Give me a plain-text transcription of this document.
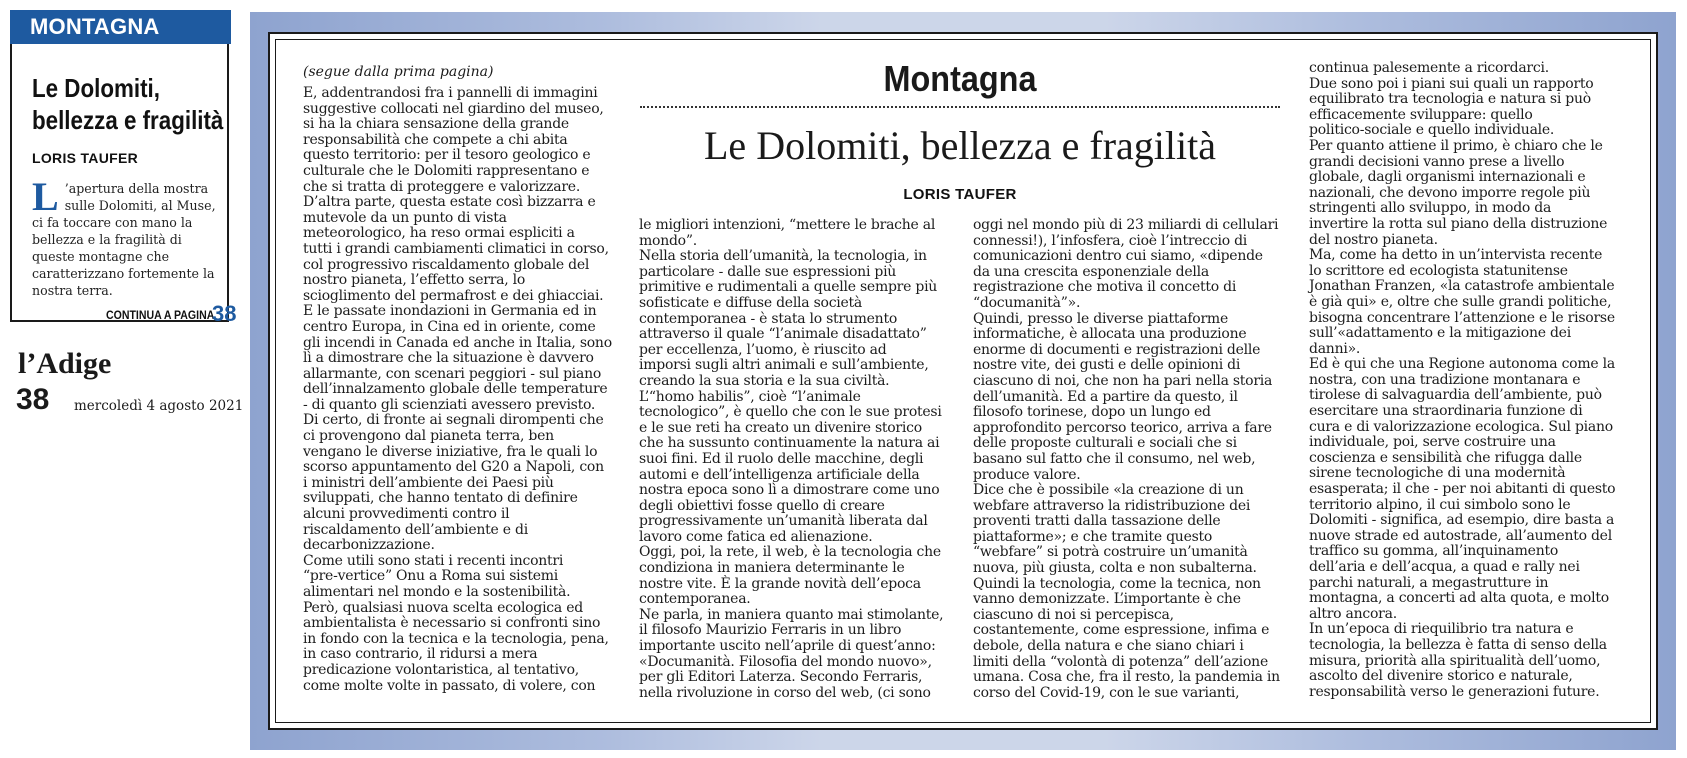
MONTAGNA
Le Dolomiti,
bellezza e fragilità
LORIS TAUFER
L ’apertura della mostra sulle Dolomiti, al Muse, ci fa toccare con mano la bellezza e la fragilità di queste montagne che caratterizzano fortemente la nostra terra.
CONTINUA A PAGINA
38
l’Adige
38 mercoledì 4 agosto 2021
(segue dalla prima pagina)	Montagna
Le Dolomiti, bellezza e fragilità
LORIS TAUFER

E, addentrandosi fra i pannelli di immagini

suggestive collocati nel giardino del museo,

si ha la chiara sensazione della grande

responsabilità che compete a chi abita

questo territorio: per il tesoro geologico e

culturale che le Dolomiti rappresentano e

che si tratta di proteggere e valorizzare.

D’altra parte, questa estate così bizzarra e

mutevole da un punto di vista

meteorologico, ha reso ormai espliciti a

tutti i grandi cambiamenti climatici in corso,

col progressivo riscaldamento globale del

nostro pianeta, l’effetto serra, lo

scioglimento del permafrost e dei ghiacciai.

E le passate inondazioni in Germania ed in

centro Europa, in Cina ed in oriente, come

gli incendi in Canada ed anche in Italia, sono

lì a dimostrare che la situazione è davvero

allarmante, con scenari peggiori - sul piano

dell’innalzamento globale delle temperature

- di quanto gli scienziati avessero previsto.

Di certo, di fronte ai segnali dirompenti che

ci provengono dal pianeta terra, ben

vengano le diverse iniziative, fra le quali lo

scorso appuntamento del G20 a Napoli, con

i ministri dell’ambiente dei Paesi più

sviluppati, che hanno tentato di definire

alcuni provvedimenti contro il

riscaldamento dell’ambiente e di

decarbonizzazione.

Come utili sono stati i recenti incontri

“pre-vertice” Onu a Roma sui sistemi

alimentari nel mondo e la sostenibilità.

Però, qualsiasi nuova scelta ecologica ed

ambientalista è necessario si confronti sino

in fondo con la tecnica e la tecnologia, pena,

in caso contrario, il ridursi a mera

predicazione volontaristica, al tentativo,

come molte volte in passato, di volere, con

le migliori intenzioni, “mettere le brache al

mondo”.

Nella storia dell’umanità, la tecnologia, in

particolare - dalle sue espressioni più

primitive e rudimentali a quelle sempre più

sofisticate e diffuse della società

contemporanea - è stata lo strumento

attraverso il quale “l’animale disadattato”

per eccellenza, l’uomo, è riuscito ad

imporsi sugli altri animali e sull’ambiente,

creando la sua storia e la sua civiltà.

L’“homo habilis”, cioè “l’animale

tecnologico”, è quello che con le sue protesi

e le sue reti ha creato un divenire storico

che ha sussunto continuamente la natura ai

suoi fini. Ed il ruolo delle macchine, degli

automi e dell’intelligenza artificiale della

nostra epoca sono lì a dimostrare come uno

degli obiettivi fosse quello di creare

progressivamente un’umanità liberata dal

lavoro come fatica ed alienazione.

Oggi, poi, la rete, il web, è la tecnologia che

condiziona in maniera determinante le

nostre vite. È la grande novità dell’epoca

contemporanea.

Ne parla, in maniera quanto mai stimolante,

il filosofo Maurizio Ferraris in un libro

importante uscito nell’aprile di quest’anno:

«Documanità. Filosofia del mondo nuovo»,

per gli Editori Laterza. Secondo Ferraris,

nella rivoluzione in corso del web, (ci sono

oggi nel mondo più di 23 miliardi di cellulari

connessi!), l’infosfera, cioè l’intreccio di

comunicazioni dentro cui siamo, «dipende

da una crescita esponenziale della

registrazione che motiva il concetto di

“documanità”».

Quindi, presso le diverse piattaforme

informatiche, è allocata una produzione

enorme di documenti e registrazioni delle

nostre vite, dei gusti e delle opinioni di

ciascuno di noi, che non ha pari nella storia

dell’umanità. Ed a partire da questo, il

filosofo torinese, dopo un lungo ed

approfondito percorso teorico, arriva a fare

delle proposte culturali e sociali che si

basano sul fatto che il consumo, nel web,

produce valore.

Dice che è possibile «la creazione di un

webfare attraverso la ridistribuzione dei

proventi tratti dalla tassazione delle

piattaforme»; e che tramite questo

“webfare” si potrà costruire un’umanità

nuova, più giusta, colta e non subalterna.

Quindi la tecnologia, come la tecnica, non

vanno demonizzate. L’importante è che

ciascuno di noi si percepisca,

costantemente, come espressione, infima e

debole, della natura e che siano chiari i

limiti della “volontà di potenza” dell’azione

umana. Cosa che, fra il resto, la pandemia in

corso del Covid-19, con le sue varianti,

continua palesemente a ricordarci.

Due sono poi i piani sui quali un rapporto

equilibrato tra tecnologia e natura si può

efficacemente sviluppare: quello

politico-sociale e quello individuale.

Per quanto attiene il primo, è chiaro che le

grandi decisioni vanno prese a livello

globale, dagli organismi internazionali e

nazionali, che devono imporre regole più

stringenti allo sviluppo, in modo da

invertire la rotta sul piano della distruzione

del nostro pianeta.

Ma, come ha detto in un’intervista recente

lo scrittore ed ecologista statunitense

Jonathan Franzen, «la catastrofe ambientale

è già qui» e, oltre che sulle grandi politiche,

bisogna concentrare l’attenzione e le risorse

sull’«adattamento e la mitigazione dei

danni».

Ed è qui che una Regione autonoma come la

nostra, con una tradizione montanara e

tirolese di salvaguardia dell’ambiente, può

esercitare una straordinaria funzione di

cura e di valorizzazione ecologica. Sul piano

individuale, poi, serve costruire una

coscienza e sensibilità che rifugga dalle

sirene tecnologiche di una modernità

esasperata; il che - per noi abitanti di questo

territorio alpino, il cui simbolo sono le

Dolomiti - significa, ad esempio, dire basta a

nuove strade ed autostrade, all’aumento del

traffico su gomma, all’inquinamento

dell’aria e dell’acqua, a quad e rally nei

parchi naturali, a megastrutture in

montagna, a concerti ad alta quota, e molto

altro ancora.

In un’epoca di riequilibrio tra natura e

tecnologia, la bellezza è fatta di senso della

misura, priorità alla spiritualità dell’uomo,

ascolto del divenire storico e naturale,

responsabilità verso le generazioni future.
